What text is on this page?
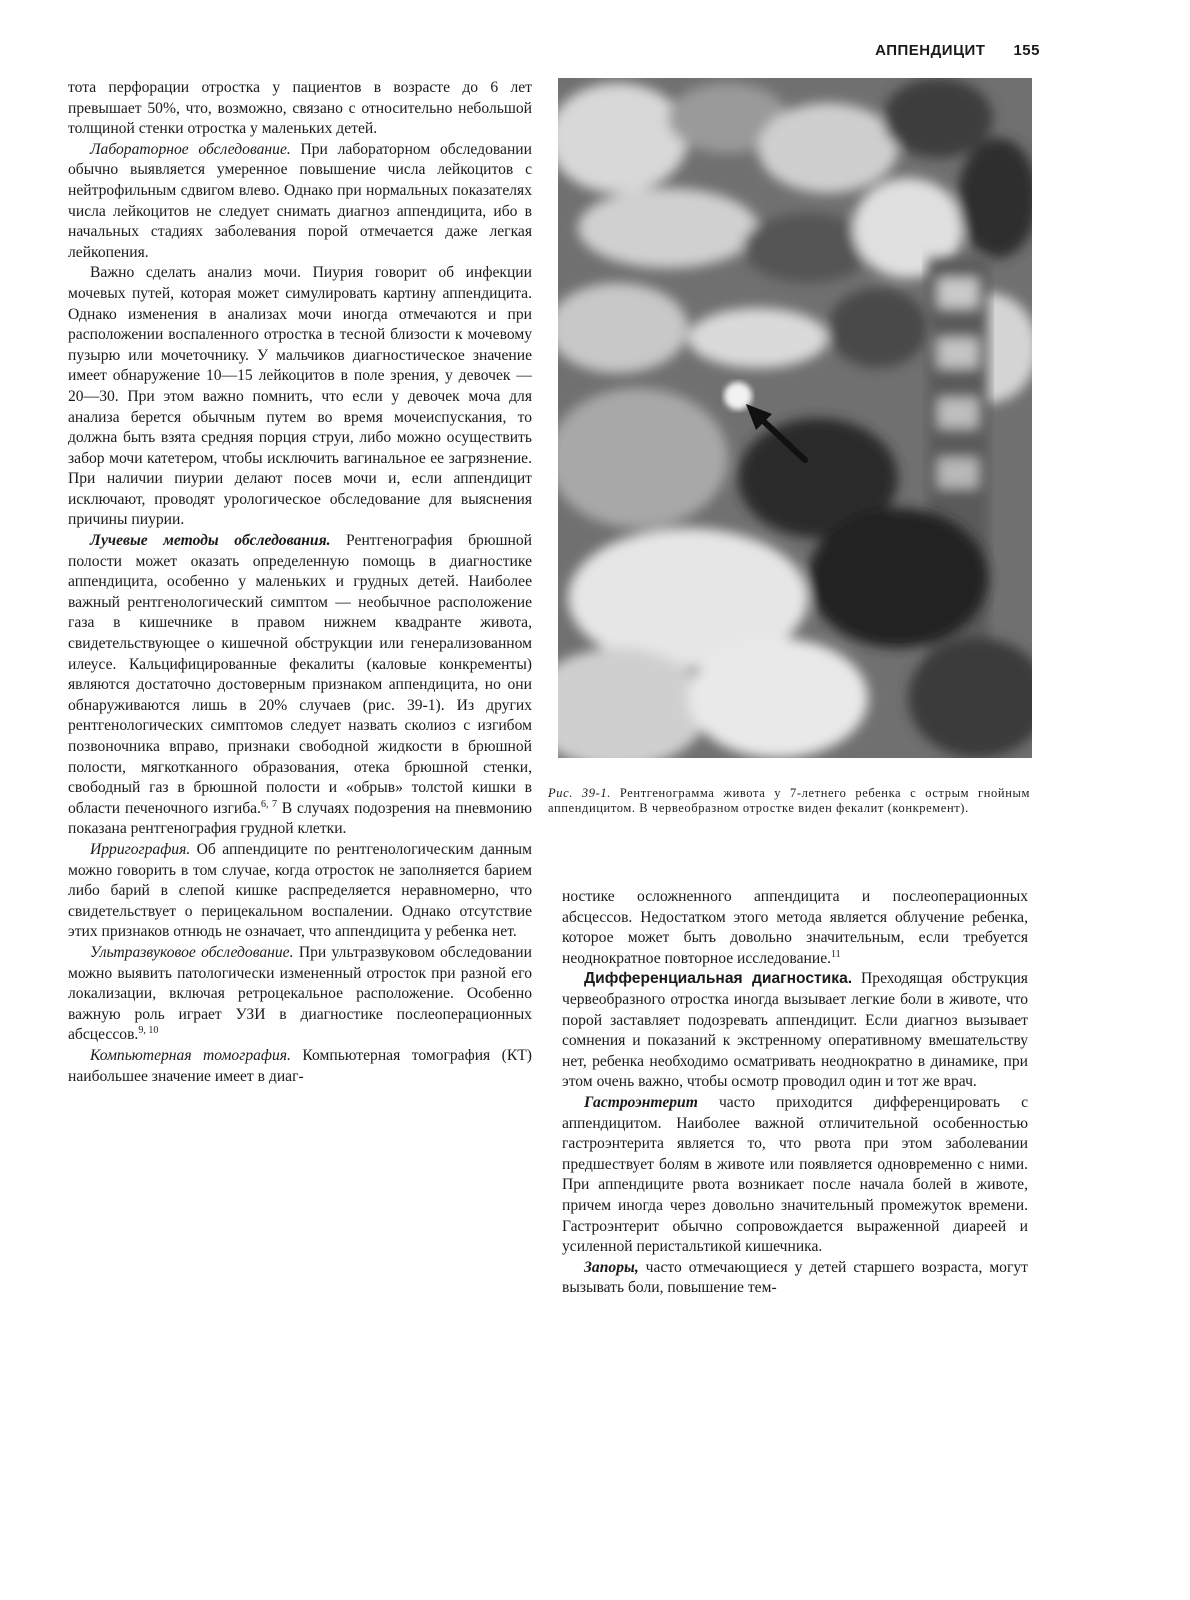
АППЕНДИЦИТ 155

тота перфорации отростка у пациентов в возрасте до 6 лет превышает 50%, что, возможно, связано с относительно небольшой толщиной стенки отростка у маленьких детей.

Лабораторное обследование. При лабораторном обследовании обычно выявляется умеренное повышение числа лейкоцитов с нейтрофильным сдвигом влево. Однако при нормальных показателях числа лейкоцитов не следует снимать диагноз аппендицита, ибо в начальных стадиях заболевания порой отмечается даже легкая лейкопения.

Важно сделать анализ мочи. Пиурия говорит об инфекции мочевых путей, которая может симулировать картину аппендицита. Однако изменения в анализах мочи иногда отмечаются и при расположении воспаленного отростка в тесной близости к мочевому пузырю или мочеточнику. У мальчиков диагностическое значение имеет обнаружение 10—15 лейкоцитов в поле зрения, у девочек — 20—30. При этом важно помнить, что если у девочек моча для анализа берется обычным путем во время мочеиспускания, то должна быть взята средняя порция струи, либо можно осуществить забор мочи катетером, чтобы исключить вагинальное ее загрязнение. При наличии пиурии делают посев мочи и, если аппендицит исключают, проводят урологическое обследование для выяснения причины пиурии.

Лучевые методы обследования. Рентгенография брюшной полости может оказать определенную помощь в диагностике аппендицита, особенно у маленьких и грудных детей. Наиболее важный рентгенологический симптом — необычное расположение газа в кишечнике в правом нижнем квадранте живота, свидетельствующее о кишечной обструкции или генерализованном илеусе. Кальцифицированные фекалиты (каловые конкременты) являются достаточно достоверным признаком аппендицита, но они обнаруживаются лишь в 20% случаев (рис. 39-1). Из других рентгенологических симптомов следует назвать сколиоз с изгибом позвоночника вправо, признаки свободной жидкости в брюшной полости, мягкотканного образования, отека брюшной стенки, свободный газ в брюшной полости и «обрыв» толстой кишки в области печеночного изгиба.$^{6, 7}$ В случаях подозрения на пневмонию показана рентгенография грудной клетки.

Ирригография. Об аппендиците по рентгенологическим данным можно говорить в том случае, когда отросток не заполняется барием либо барий в слепой кишке распределяется неравномерно, что свидетельствует о перицекальном воспалении. Однако отсутствие этих признаков отнюдь не означает, что аппендицита у ребенка нет.

Ультразвуковое обследование. При ультразвуковом обследовании можно выявить патологически измененный отросток при разной его локализации, включая ретроцекальное расположение. Особенно важную роль играет УЗИ в диагностике послеоперационных абсцессов.$^{9, 10}$

Компьютерная томография. Компьютерная томография (КТ) наибольшее значение имеет в диаг-

Рис. 39-1. Рентгенограмма живота у 7-летнего ребенка с острым гнойным аппендицитом. В червеобразном отростке виден фекалит (конкремент).

ностике осложненного аппендицита и послеоперационных абсцессов. Недостатком этого метода является облучение ребенка, которое может быть довольно значительным, если требуется неоднократное повторное исследование.$^{11}$

Дифференциальная диагностика. Преходящая обструкция червеобразного отростка иногда вызывает легкие боли в животе, что порой заставляет подозревать аппендицит. Если диагноз вызывает сомнения и показаний к экстренному оперативному вмешательству нет, ребенка необходимо осматривать неоднократно в динамике, при этом очень важно, чтобы осмотр проводил один и тот же врач.

Гастроэнтерит часто приходится дифференцировать с аппендицитом. Наиболее важной отличительной особенностью гастроэнтерита является то, что рвота при этом заболевании предшествует болям в животе или появляется одновременно с ними. При аппендиците рвота возникает после начала болей в животе, причем иногда через довольно значительный промежуток времени. Гастроэнтерит обычно сопровождается выраженной диареей и усиленной перистальтикой кишечника.

Запоры, часто отмечающиеся у детей старшего возраста, могут вызывать боли, повышение тем-
